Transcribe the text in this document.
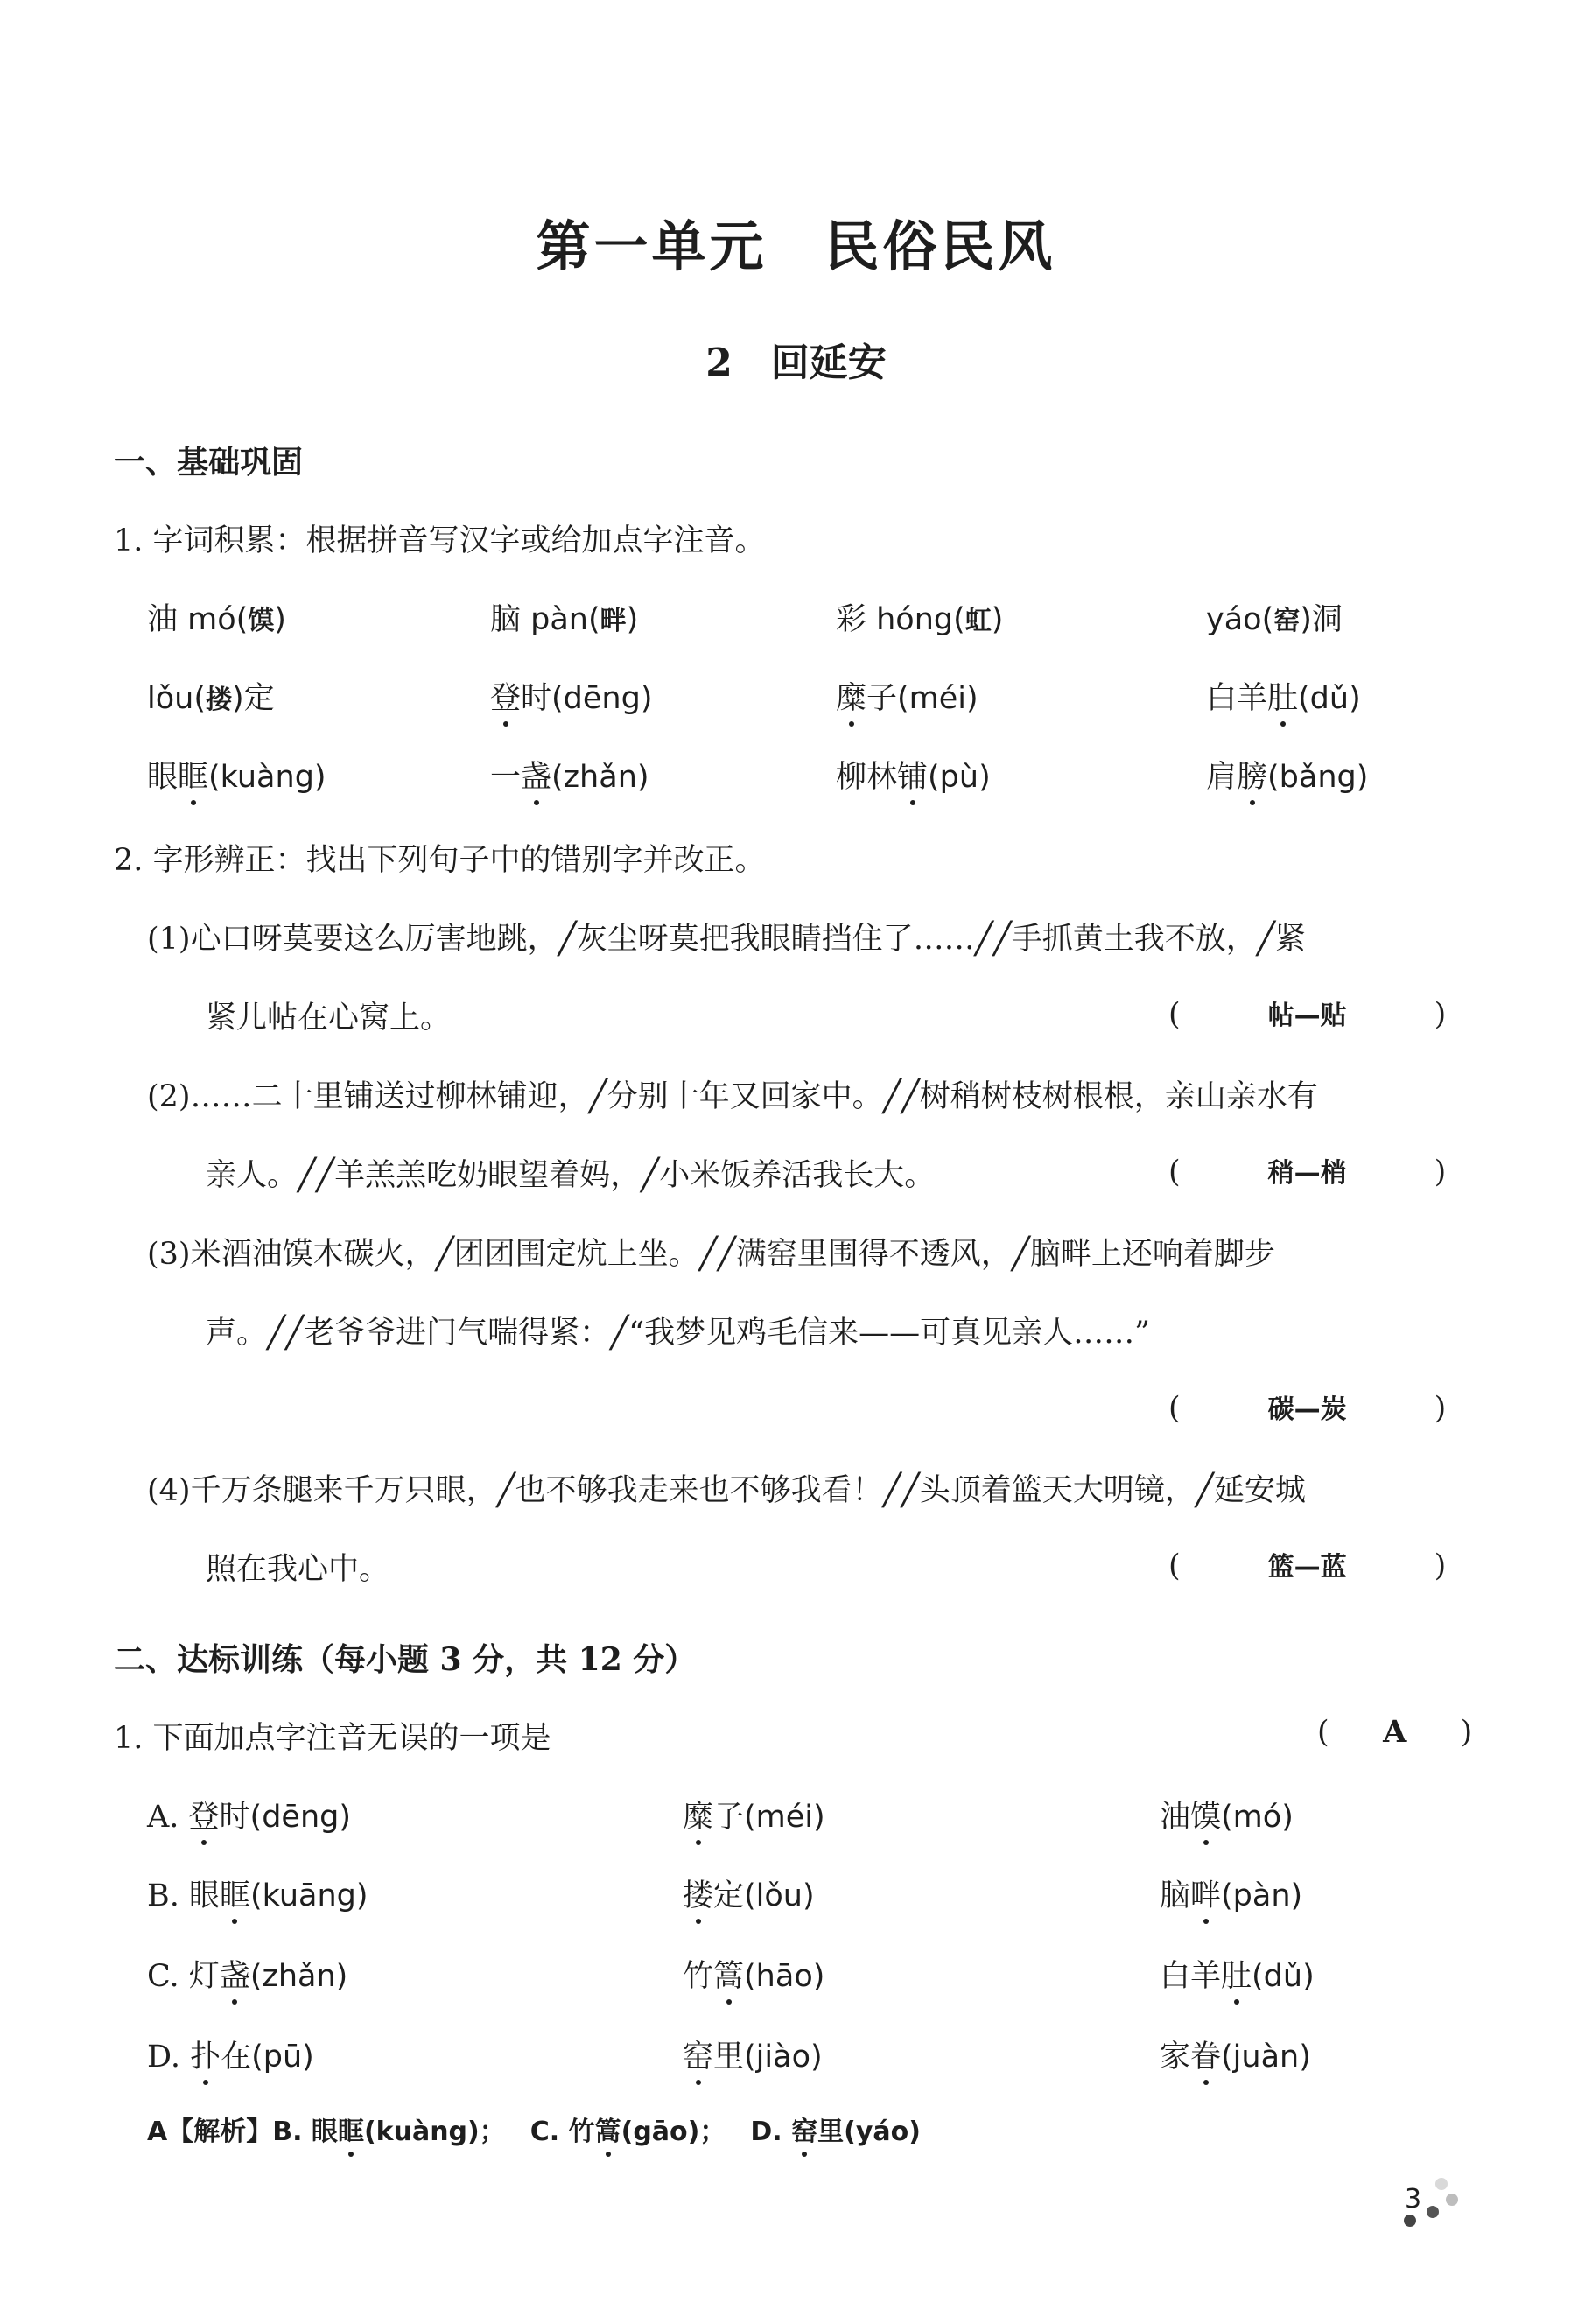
第一单元　民俗民风
2　回延安
一、基础巩固
1. 字词积累：根据拼音写汉字或给加点字注音。
油 mó(馍)	脑 pàn(畔)	彩 hóng(虹)	yáo(窑)洞
lǒu(搂)定	登时(dēng)	糜子(méi)	白羊肚(dǔ)
眼眶(kuàng)	一盏(zhǎn)	柳林铺(pù)	肩膀(bǎng)
2. 字形辨正：找出下列句子中的错别字并改正。
(1)心口呀莫要这么厉害地跳，╱灰尘呀莫把我眼睛挡住了……╱╱手抓黄土我不放，╱紧
紧儿帖在心窝上。	(	帖—贴	)
(2)……二十里铺送过柳林铺迎，╱分别十年又回家中。╱╱树稍树枝树根根，亲山亲水有
亲人。╱╱羊羔羔吃奶眼望着妈，╱小米饭养活我长大。	(	稍—梢	)
(3)米酒油馍木碳火，╱团团围定炕上坐。╱╱满窑里围得不透风，╱脑畔上还响着脚步
声。╱╱老爷爷进门气喘得紧：╱“我梦见鸡毛信来——可真见亲人……”
(	碳—炭	)
(4)千万条腿来千万只眼，╱也不够我走来也不够我看！╱╱头顶着篮天大明镜，╱延安城
照在我心中。	(	篮—蓝	)
二、达标训练（每小题 3 分，共 12 分）
1. 下面加点字注音无误的一项是	( A )
A. 登时(dēng)	糜子(méi)	油馍(mó)
B. 眼眶(kuāng)	搂定(lǒu)	脑畔(pàn)
C. 灯盏(zhǎn)	竹篙(hāo)	白羊肚(dǔ)
D. 扑在(pū)	窑里(jiào)	家眷(juàn)
A【解析】B. 眼眶(kuàng)； C. 竹篙(gāo)； D. 窑里(yáo)
3
